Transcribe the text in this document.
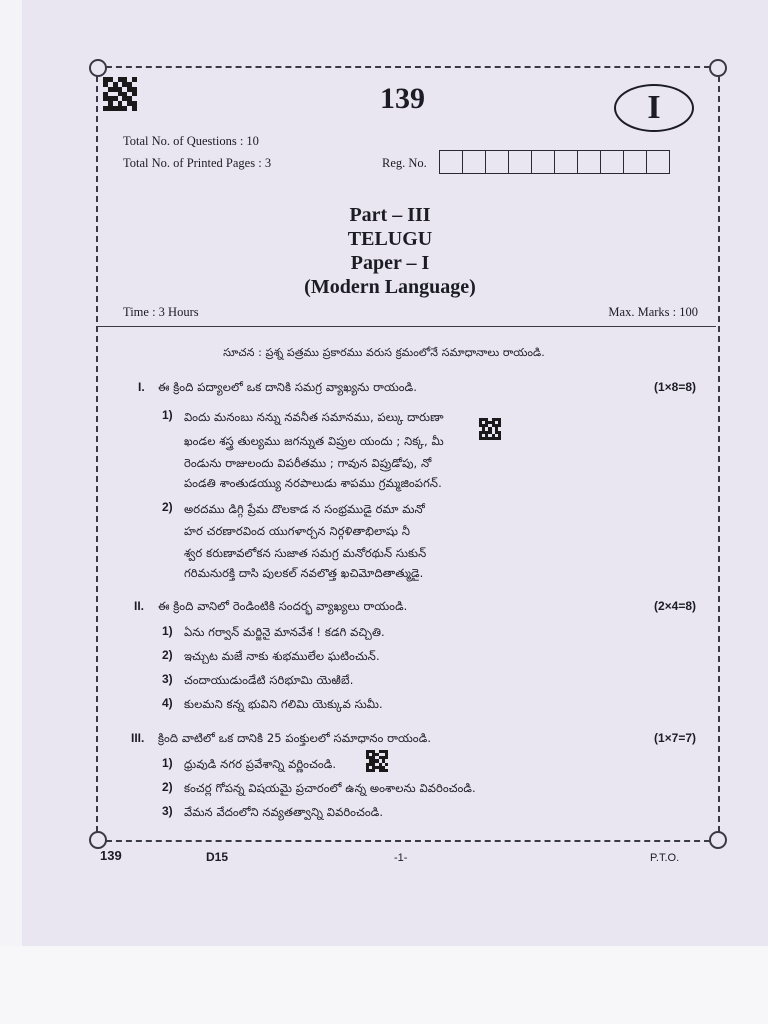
139	I
Total No. of Questions : 10
Total No. of Printed Pages : 3	Reg. No.
Part – III
TELUGU
Paper – I
(Modern Language)
Time : 3 Hours	Max. Marks : 100
సూచన : ప్రశ్న పత్రము ప్రకారము వరుస క్రమంలోనే సమాధానాలు రాయండి.
I. ఈ క్రింది పద్యాలలో ఒక దానికి సమగ్ర వ్యాఖ్యను రాయండి.	(1×8=8)
1) విందు మనంబు నన్ను నవనీత సమానము, పల్కు దారుణా
ఖండల శస్త్ర తుల్యము జగన్నుత విప్రుల యందు ; నిక్క, మీ
రెండును రాజులందు విపరీతము ; గావున విప్రుడోపు, నో
పండతి శాంతుడయ్యు నరపాలుడు శాపము గ్రమ్మజింపగన్.
2) అరదము డిగ్గి ప్రేమ దొలకాడ న సంభ్రముడై రమా మనో
హర చరణారవింద యుగళార్చన నిర్గళితాభిలాషు నీ
శ్వర కరుణావలోకన సుజాత సమగ్ర మనోరథున్ సుకున్
గరిమనురక్తి దాసి పులకల్ నవలొత్త ఖచిమోదితాత్ముడై.
II. ఈ క్రింది వానిలో రెండింటికి సందర్భ వ్యాఖ్యలు రాయండి.	(2×4=8)
1) ఏను గర్వాన్ మర్జినై మానవేశ ! కడగి వచ్చితి.
2) ఇచ్చుట మజే నాకు శుభములేల ఘటించున్.
3) చందాయుడుండేటి సరిభూమి యెఱిబే.
4) కులమని కన్న భువిని గలిమి యెక్కువ సుమీ.
III. క్రింది వాటిలో ఒక దానికి 25 పంక్తులలో సమాధానం రాయండి.	(1×7=7)
1) ధ్రువుడి నగర ప్రవేశాన్ని వర్ణించండి.
2) కంచర్ల గోపన్న విషయమై ప్రచారంలో ఉన్న అంశాలను వివరించండి.
3) వేమన వేదంలోని నవ్యతత్వాన్ని వివరించండి.
139	D15	-1-	P.T.O.
